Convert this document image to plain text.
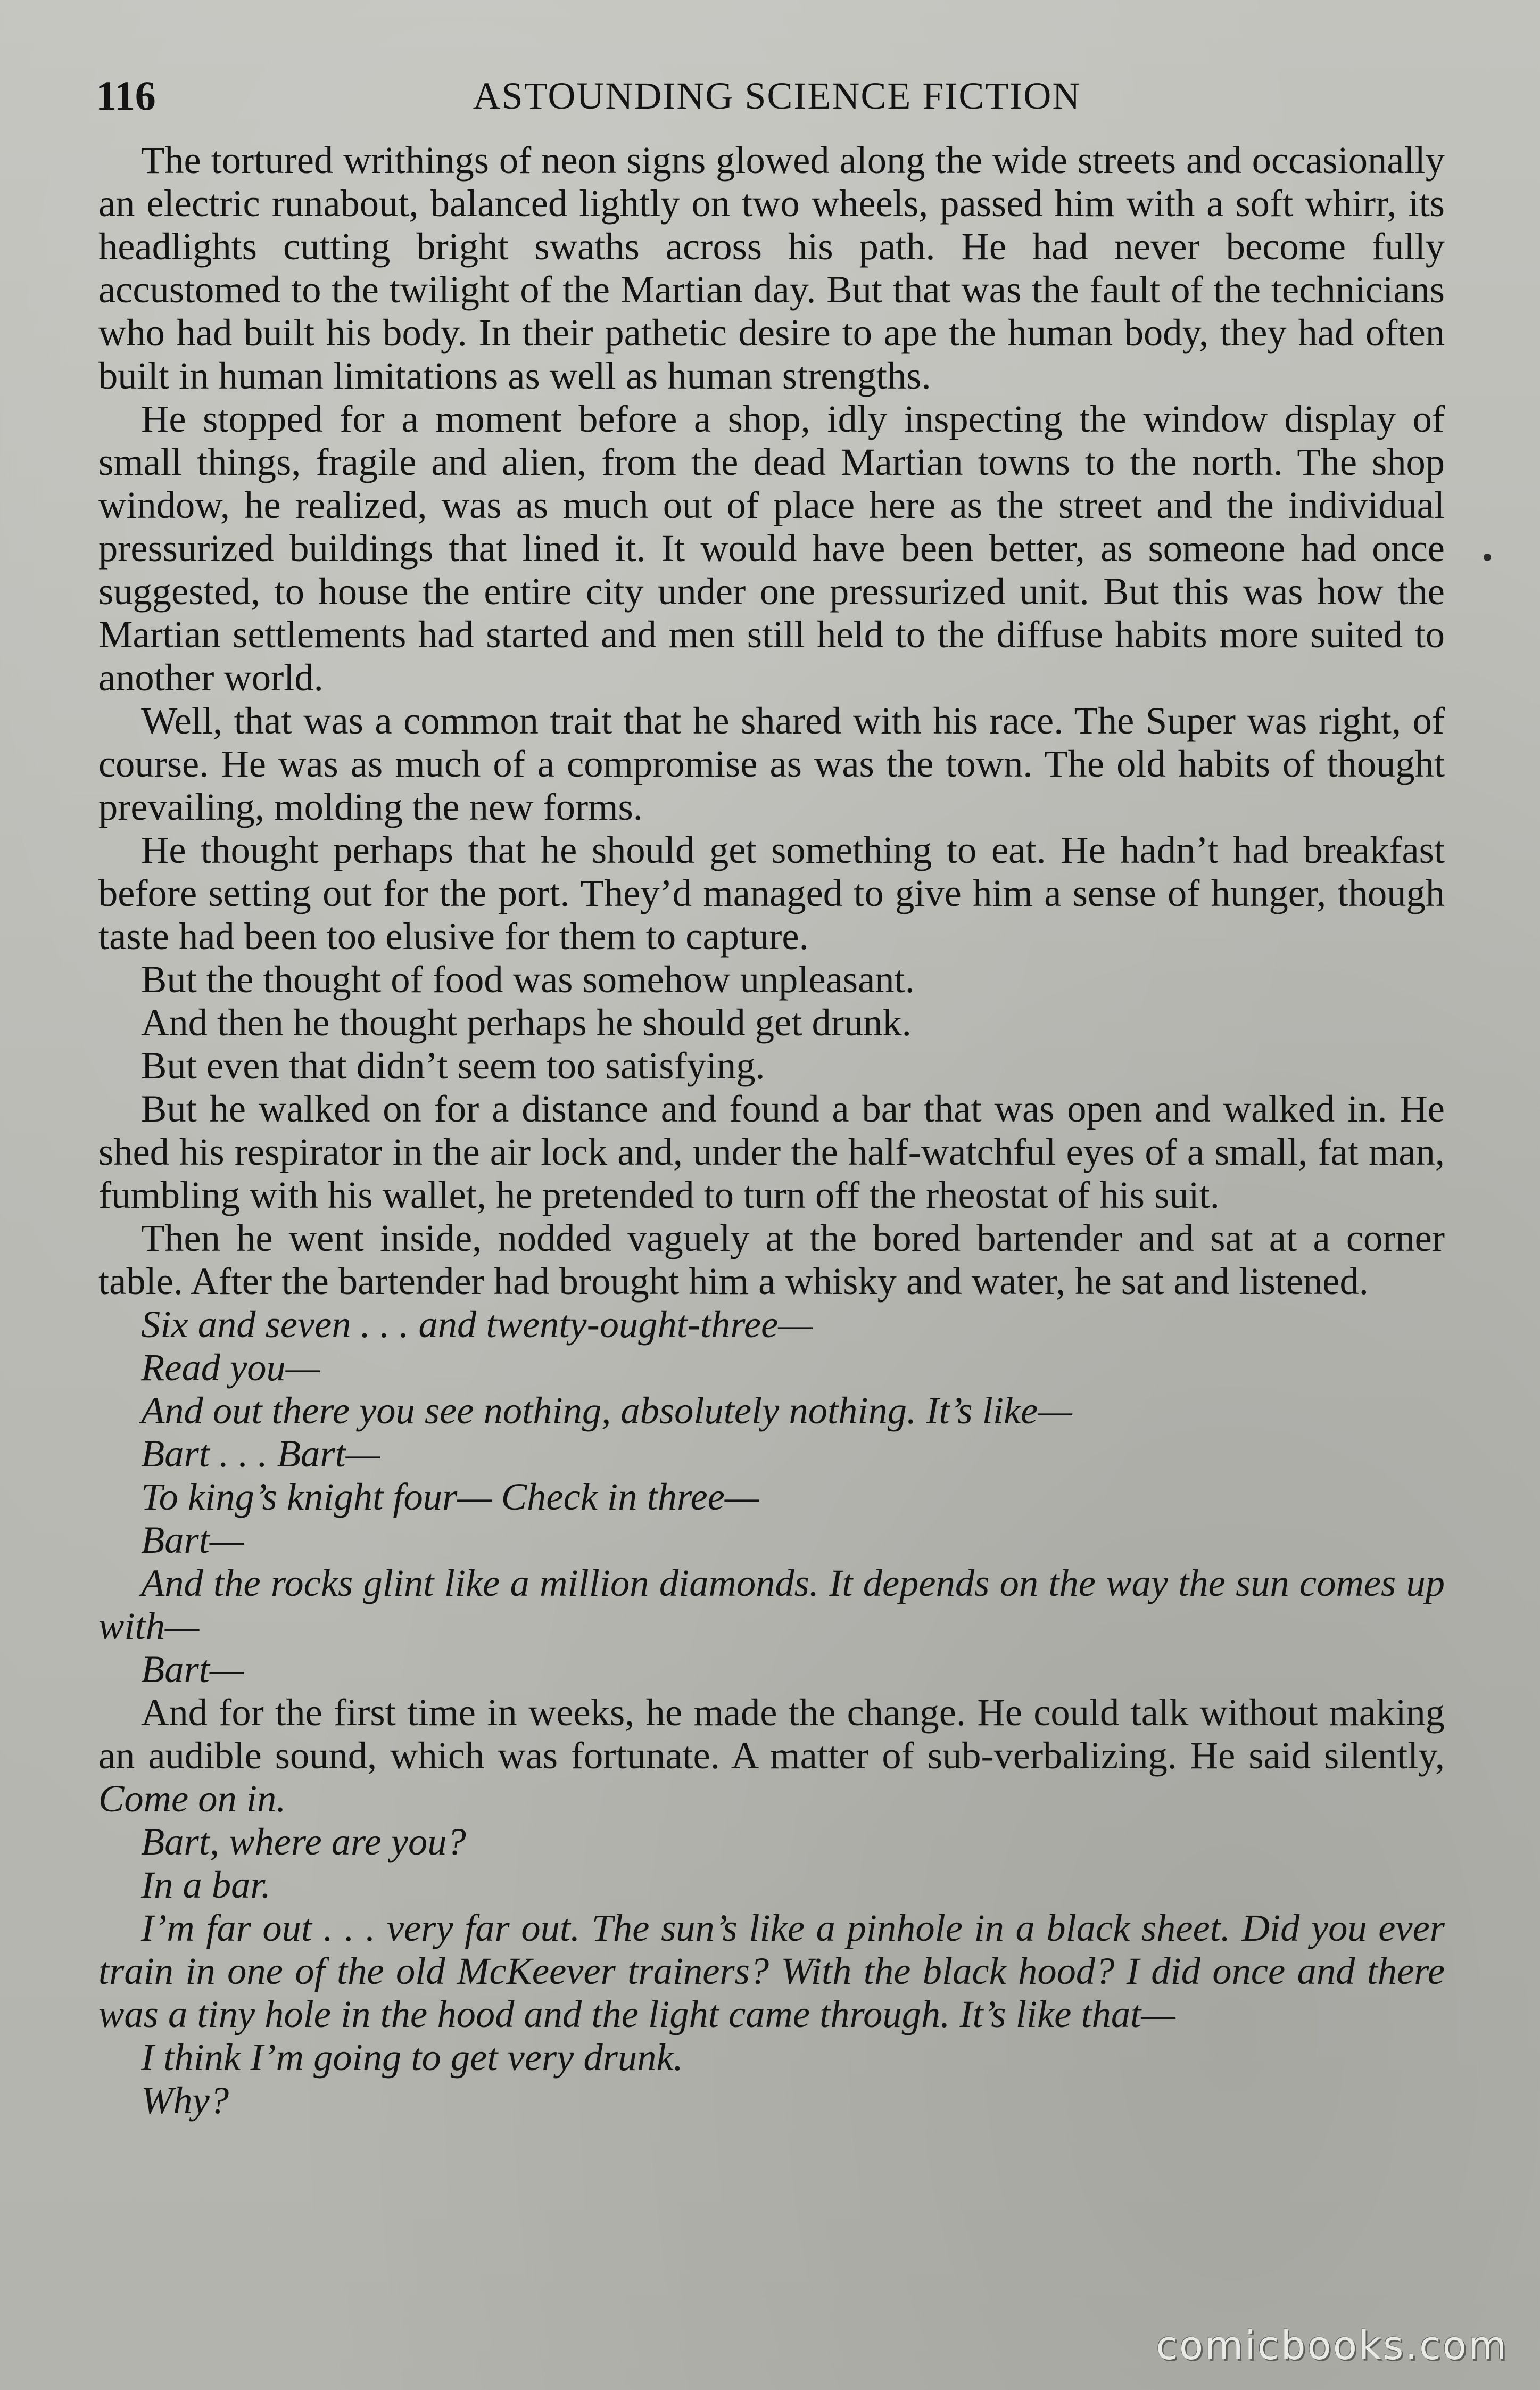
116	ASTOUNDING SCIENCE FICTION

The tortured writhings of neon signs glowed along the wide streets and occasionally an electric runabout, balanced lightly on two wheels, passed him with a soft whirr, its headlights cutting bright swaths across his path. He had never become fully accustomed to the twilight of the Martian day. But that was the fault of the technicians who had built his body. In their pathetic desire to ape the human body, they had often built in human limitations as well as human strengths.

He stopped for a moment before a shop, idly inspecting the window display of small things, fragile and alien, from the dead Martian towns to the north. The shop window, he realized, was as much out of place here as the street and the individual pressurized buildings that lined it. It would have been better, as someone had once suggested, to house the entire city under one pressurized unit. But this was how the Martian settlements had started and men still held to the diffuse habits more suited to another world.

Well, that was a common trait that he shared with his race. The Super was right, of course. He was as much of a compromise as was the town. The old habits of thought prevailing, molding the new forms.

He thought perhaps that he should get something to eat. He hadn’t had breakfast before setting out for the port. They’d managed to give him a sense of hunger, though taste had been too elusive for them to capture.

But the thought of food was somehow unpleasant.

And then he thought perhaps he should get drunk.

But even that didn’t seem too satisfying.

But he walked on for a distance and found a bar that was open and walked in. He shed his respirator in the air lock and, under the half-watchful eyes of a small, fat man, fumbling with his wallet, he pretended to turn off the rheostat of his suit.

Then he went inside, nodded vaguely at the bored bartender and sat at a corner table. After the bartender had brought him a whisky and water, he sat and listened.

Six and seven . . . and twenty-ought-three—

Read you—

And out there you see nothing, absolutely nothing. It’s like—

Bart . . . Bart—

To king’s knight four— Check in three—

Bart—

And the rocks glint like a million diamonds. It depends on the way the sun comes up with—

Bart—

And for the first time in weeks, he made the change. He could talk without making an audible sound, which was fortunate. A matter of sub-verbalizing. He said silently, Come on in.

Bart, where are you?

In a bar.

I’m far out . . . very far out. The sun’s like a pinhole in a black sheet. Did you ever train in one of the old McKeever trainers? With the black hood? I did once and there was a tiny hole in the hood and the light came through. It’s like that—

I think I’m going to get very drunk.

Why?

comicbooks.com
